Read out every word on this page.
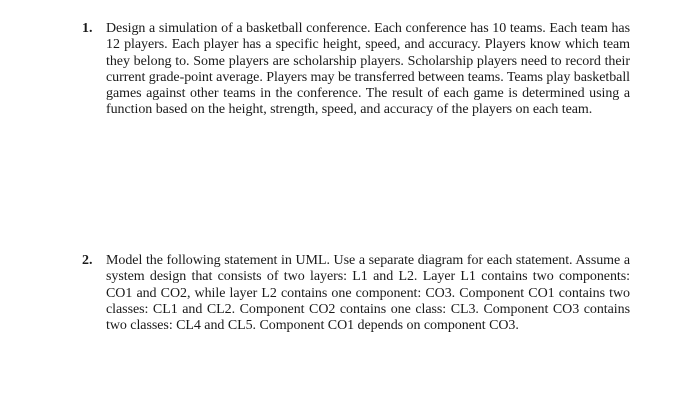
1. Design a simulation of a basketball conference. Each conference has 10 teams. Each team has 12 players. Each player has a specific height, speed, and accuracy. Players know which team they belong to. Some players are scholarship players. Scholarship players need to record their current grade-point average. Players may be transferred between teams. Teams play basketball games against other teams in the conference. The result of each game is determined using a function based on the height, strength, speed, and accuracy of the players on each team.
2. Model the following statement in UML. Use a separate diagram for each statement. Assume a system design that consists of two layers: L1 and L2. Layer L1 contains two components: CO1 and CO2, while layer L2 contains one component: CO3. Component CO1 contains two classes: CL1 and CL2. Component CO2 contains one class: CL3. Component CO3 contains two classes: CL4 and CL5. Component CO1 depends on component CO3.
